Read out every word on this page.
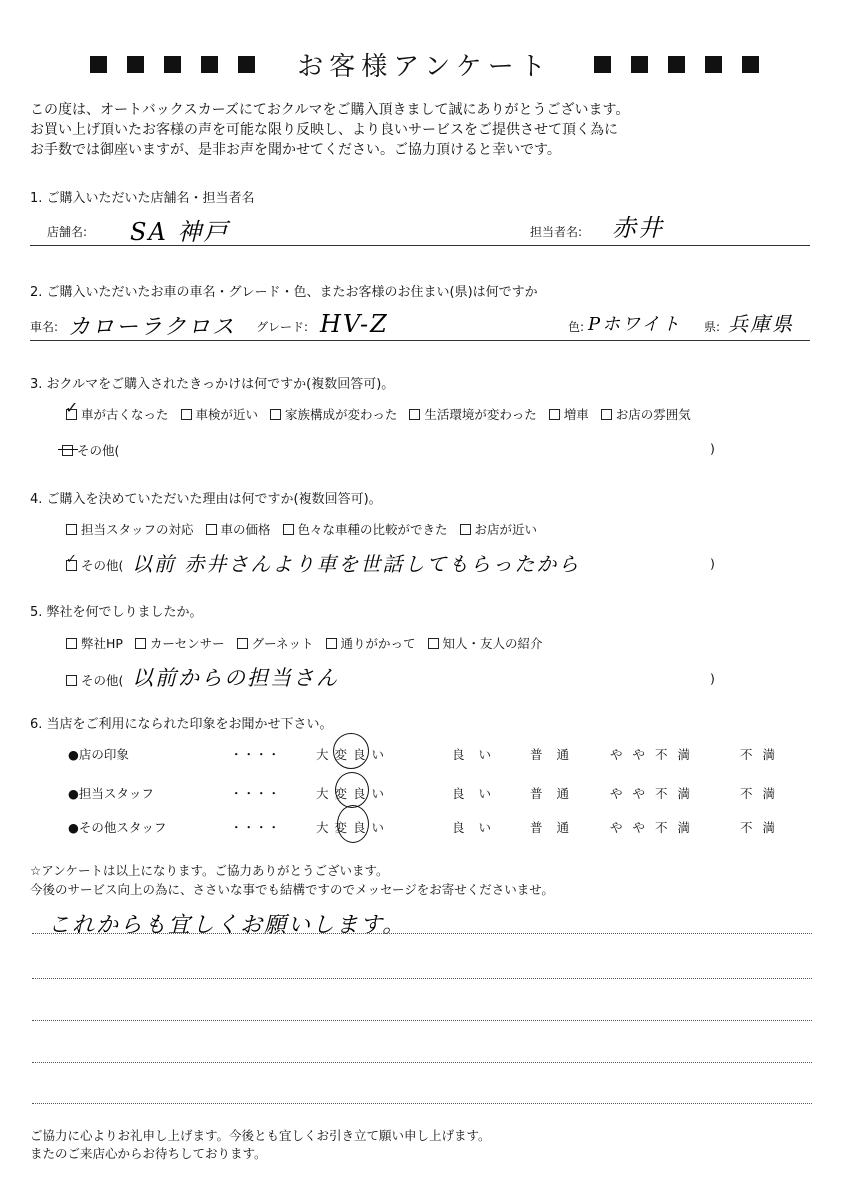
お客様アンケート
この度は、オートバックスカーズにておクルマをご購入頂きまして誠にありがとうございます。
お買い上げ頂いたお客様の声を可能な限り反映し、より良いサービスをご提供させて頂く為に
お手数では御座いますが、是非お声を聞かせてください。ご協力頂けると幸いです。
1. ご購入いただいた店舗名・担当者名
店舗名: SA 神戸	担当者名: 赤井
2. ご購入いただいたお車の車名・グレード・色、またお客様のお住まい(県)は何ですか
車名: カローラクロス グレード: HV-Z	色: Pホワイト 県: 兵庫県
3. おクルマをご購入されたきっかけは何ですか(複数回答可)。
✓ 車が古くなった 車検が近い 家族構成が変わった 生活環境が変わった 増車 お店の雰囲気
その他(	)
4. ご購入を決めていただいた理由は何ですか(複数回答可)。
担当スタッフの対応 車の価格 色々な車種の比較ができた お店が近い
✓ その他( 以前 赤井さんより車を世話してもらったから	)
5. 弊社を何でしりましたか。
弊社HP カーセンサー グーネット 通りがかって 知人・友人の紹介
その他( 以前からの担当さん	)
6. 当店をご利用になられた印象をお聞かせ下さい。
●店の印象	・・・・	大変良い	良い 普通 やや不満	不満
●担当スタッフ	・・・・	大変良い	良い 普通 やや不満	不満
●その他スタッフ	・・・・	大変良い	良い 普通 やや不満	不満
☆アンケートは以上になります。ご協力ありがとうございます。
今後のサービス向上の為に、ささいな事でも結構ですのでメッセージをお寄せくださいませ。
これからも宜しくお願いします。
ご協力に心よりお礼申し上げます。今後とも宜しくお引き立て願い申し上げます。
またのご来店心からお待ちしております。
